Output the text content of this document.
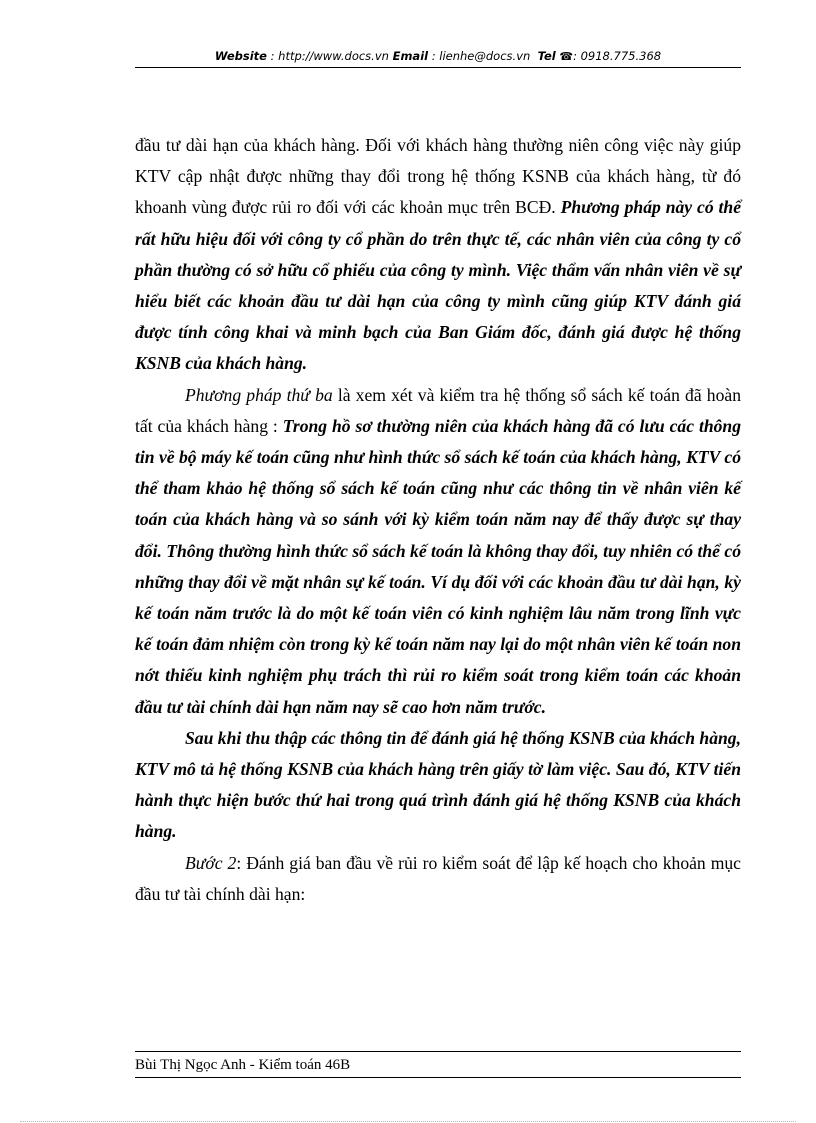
Website : http://www.docs.vn Email : lienhe@docs.vn Tel ☎: 0918.775.368

đầu tư dài hạn của khách hàng. Đối với khách hàng thường niên công việc này giúp KTV cập nhật được những thay đổi trong hệ thống KSNB của khách hàng, từ đó khoanh vùng được rủi ro đối với các khoản mục trên BCĐ. Phương pháp này có thể rất hữu hiệu đối với công ty cổ phần do trên thực tế, các nhân viên của công ty cổ phần thường có sở hữu cổ phiếu của công ty mình. Việc thẩm vấn nhân viên về sự hiểu biết các khoản đầu tư dài hạn của công ty mình cũng giúp KTV đánh giá được tính công khai và minh bạch của Ban Giám đốc, đánh giá được hệ thống KSNB của khách hàng.

Phương pháp thứ ba là xem xét và kiểm tra hệ thống sổ sách kế toán đã hoàn tất của khách hàng : Trong hồ sơ thường niên của khách hàng đã có lưu các thông tin về bộ máy kế toán cũng như hình thức sổ sách kế toán của khách hàng, KTV có thể tham khảo hệ thống sổ sách kế toán cũng như các thông tin về nhân viên kế toán của khách hàng và so sánh với kỳ kiểm toán năm nay để thấy được sự thay đổi. Thông thường hình thức sổ sách kế toán là không thay đổi, tuy nhiên có thể có những thay đổi về mặt nhân sự kế toán. Ví dụ đối với các khoản đầu tư dài hạn, kỳ kế toán năm trước là do một kế toán viên có kinh nghiệm lâu năm trong lĩnh vực kế toán đảm nhiệm còn trong kỳ kế toán năm nay lại do một nhân viên kế toán non nớt thiếu kinh nghiệm phụ trách thì rủi ro kiểm soát trong kiểm toán các khoản đầu tư tài chính dài hạn năm nay sẽ cao hơn năm trước.

Sau khi thu thập các thông tin để đánh giá hệ thống KSNB của khách hàng, KTV mô tả hệ thống KSNB của khách hàng trên giấy tờ làm việc. Sau đó, KTV tiến hành thực hiện bước thứ hai trong quá trình đánh giá hệ thống KSNB của khách hàng.

Bước 2: Đánh giá ban đầu về rủi ro kiểm soát để lập kế hoạch cho khoản mục đầu tư tài chính dài hạn:

Bùi Thị Ngọc Anh - Kiểm toán 46B
